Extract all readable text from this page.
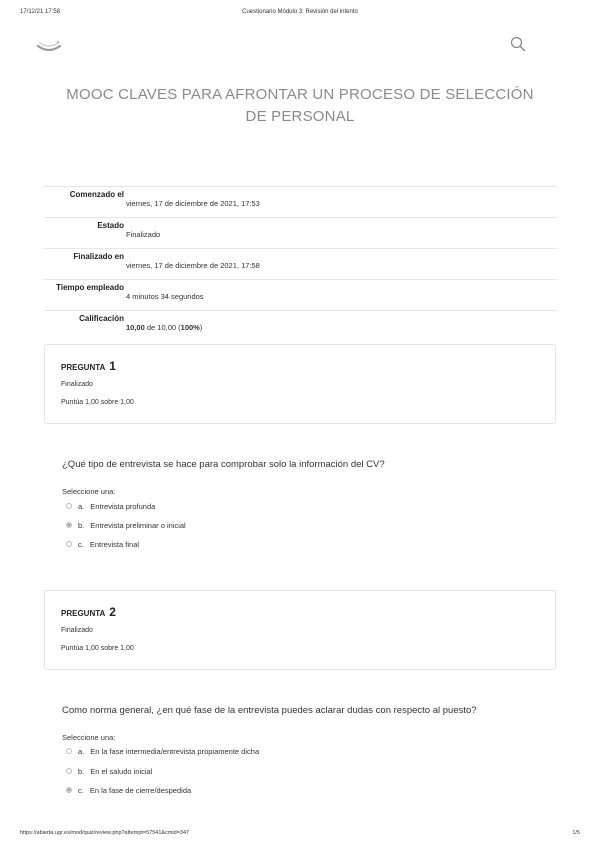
17/12/21 17:58	Cuestionario Módulo 3: Revisión del intento
MOOC CLAVES PARA AFRONTAR UN PROCESO DE SELECCIÓN DE PERSONAL
Comenzado el
viernes, 17 de diciembre de 2021, 17:53
Estado
Finalizado
Finalizado en
viernes, 17 de diciembre de 2021, 17:58
Tiempo empleado
4 minutos 34 segundos
Calificación
10,00 de 10,00 (100%)
PREGUNTA 1
Finalizado
Puntúa 1,00 sobre 1,00
¿Qué tipo de entrevista se hace para comprobar solo la información del CV?
Seleccione una:
a. Entrevista profunda
b. Entrevista preliminar o inicial
c. Entrevista final
PREGUNTA 2
Finalizado
Puntúa 1,00 sobre 1,00
Como norma general, ¿en qué fase de la entrevista puedes aclarar dudas con respecto al puesto?
Seleccione una:
a. En la fase intermedia/entrevista propiamente dicha
b. En el saludo inicial
c. En la fase de cierre/despedida
https://abierta.ugr.es/mod/quiz/review.php?attempt=57541&cmid=347	1/5
